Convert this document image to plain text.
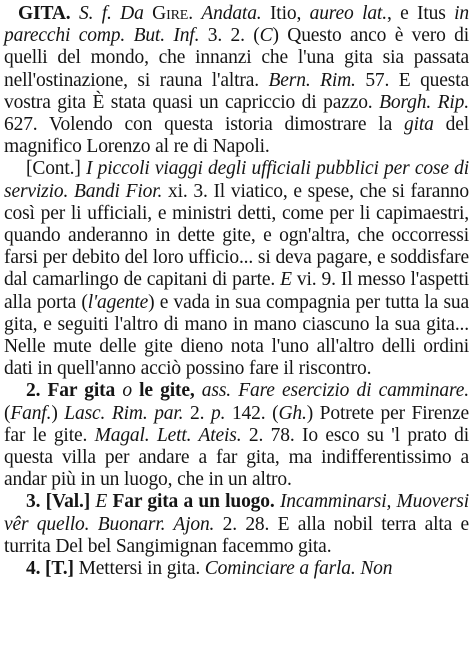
GITA. S. f. Da Gire. Andata. Itio, aureo lat., e Itus in parecchi comp. But. Inf. 3. 2. (C) Questo anco è vero di quelli del mondo, che innanzi che l'una gita sia passata nell'ostinazione, si rauna l'altra. Bern. Rim. 57. E questa vostra gita È stata quasi un capriccio di pazzo. Borgh. Rip. 627. Volendo con questa istoria dimostrare la gita del magnifico Lorenzo al re di Napoli.

[Cont.] I piccoli viaggi degli ufficiali pubblici per cose di servizio. Bandi Fior. xi. 3. Il viatico, e spese, che si faranno così per li ufficiali, e ministri detti, come per li capimaestri, quando anderanno in dette gite, e ogn'altra, che occorressi farsi per debito del loro ufficio... si deva pagare, e soddisfare dal camarlingo de capitani di parte. E vi. 9. Il messo l'aspetti alla porta (l'agente) e vada in sua compagnia per tutta la sua gita, e seguiti l'altro di mano in mano ciascuno la sua gita... Nelle mute delle gite dieno nota l'uno all'altro delli ordini dati in quell'anno acciò possino fare il riscontro.

2. Far gita o le gite, ass. Fare esercizio di camminare. (Fanf.) Lasc. Rim. par. 2. p. 142. (Gh.) Potrete per Firenze far le gite. Magal. Lett. Ateis. 2. 78. Io esco su 'l prato di questa villa per andare a far gita, ma indifferentissimo a andar più in un luogo, che in un altro.

3. [Val.] E Far gita a un luogo. Incamminarsi, Muoversi vêr quello. Buonarr. Ajon. 2. 28. E alla nobil terra alta e turrita Del bel Sangimignan facemmo gita.

4. [T.] Mettersi in gita. Cominciare a farla. Non
